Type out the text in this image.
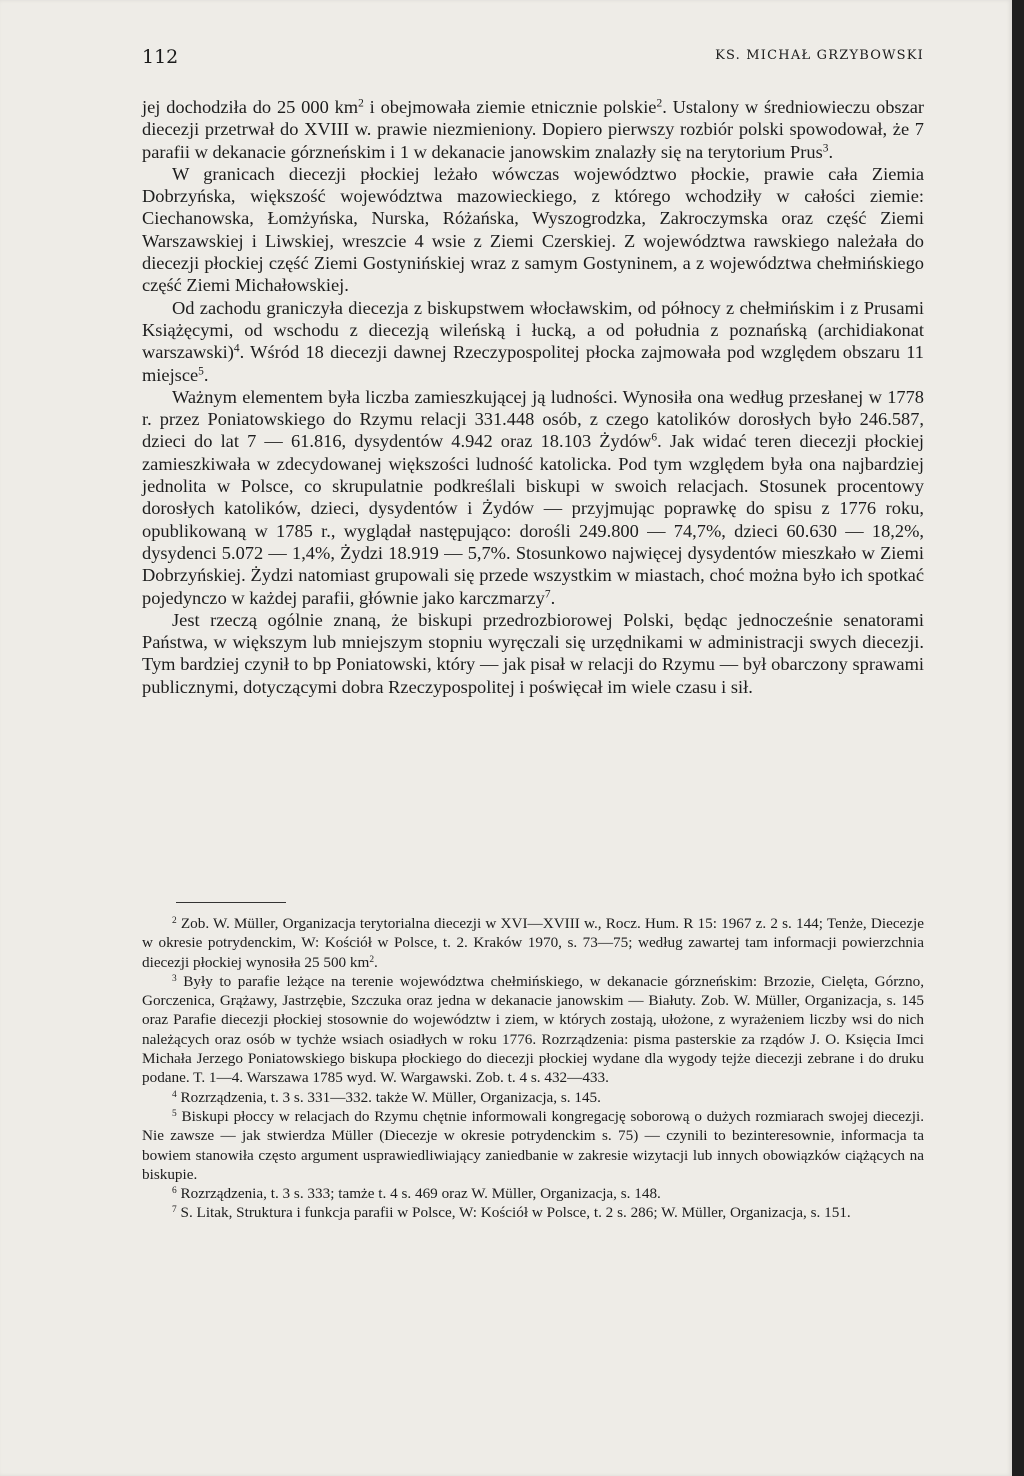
112	KS. MICHAŁ GRZYBOWSKI

jej dochodziła do 25 000 $km^2$ i obejmowała ziemie etnicznie polskie$^2$. Ustalony w średniowieczu obszar diecezji przetrwał do XVIII w. prawie niezmieniony. Dopiero pierwszy rozbiór polski spowodował, że 7 parafii w dekanacie górzneńskim i 1 w dekanacie janowskim znalazły się na terytorium Prus$^3$.

W granicach diecezji płockiej leżało wówczas województwo płockie, prawie cała Ziemia Dobrzyńska, większość województwa mazowieckiego, z którego wchodziły w całości ziemie: Ciechanowska, Łomżyńska, Nurska, Różańska, Wyszogrodzka, Zakroczymska oraz część Ziemi Warszawskiej i Liwskiej, wreszcie 4 wsie z Ziemi Czerskiej. Z województwa rawskiego należała do diecezji płockiej część Ziemi Gostynińskiej wraz z samym Gostyninem, a z województwa chełmińskiego część Ziemi Michałowskiej.

Od zachodu graniczyła diecezja z biskupstwem włocławskim, od północy z chełmińskim i z Prusami Książęcymi, od wschodu z diecezją wileńską i łucką, a od południa z poznańską (archidiakonat warszawski)$^4$. Wśród 18 diecezji dawnej Rzeczypospolitej płocka zajmowała pod względem obszaru 11 miejsce$^5$.

Ważnym elementem była liczba zamieszkującej ją ludności. Wynosiła ona według przesłanej w 1778 r. przez Poniatowskiego do Rzymu relacji 331.448 osób, z czego katolików dorosłych było 246.587, dzieci do lat 7 — 61.816, dysydentów 4.942 oraz 18.103 Żydów$^6$. Jak widać teren diecezji płockiej zamieszkiwała w zdecydowanej większości ludność katolicka. Pod tym względem była ona najbardziej jednolita w Polsce, co skrupulatnie podkreślali biskupi w swoich relacjach. Stosunek procentowy dorosłych katolików, dzieci, dysydentów i Żydów — przyjmując poprawkę do spisu z 1776 roku, opublikowaną w 1785 r., wyglądał następująco: dorośli 249.800 — 74,7%, dzieci 60.630 — 18,2%, dysydenci 5.072 — 1,4%, Żydzi 18.919 — 5,7%. Stosunkowo najwięcej dysydentów mieszkało w Ziemi Dobrzyńskiej. Żydzi natomiast grupowali się przede wszystkim w miastach, choć można było ich spotkać pojedynczo w każdej parafii, głównie jako karczmarzy$^7$.

Jest rzeczą ogólnie znaną, że biskupi przedrozbiorowej Polski, będąc jednocześnie senatorami Państwa, w większym lub mniejszym stopniu wyręczali się urzędnikami w administracji swych diecezji. Tym bardziej czynił to bp Poniatowski, który — jak pisał w relacji do Rzymu — był obarczony sprawami publicznymi, dotyczącymi dobra Rzeczypospolitej i poświęcał im wiele czasu i sił.

$^2$ Zob. W. Müller, Organizacja terytorialna diecezji w XVI—XVIII w., Rocz. Hum. R 15: 1967 z. 2 s. 144; Tenże, Diecezje w okresie potrydenckim, W: Kościół w Polsce, t. 2. Kraków 1970, s. 73—75; według zawartej tam informacji powierzchnia diecezji płockiej wynosiła 25 500 $km^2$.

$^3$ Były to parafie leżące na terenie województwa chełmińskiego, w dekanacie górzneńskim: Brzozie, Cielęta, Górzno, Gorczenica, Grążawy, Jastrzębie, Szczuka oraz jedna w dekanacie janowskim — Białuty. Zob. W. Müller, Organizacja, s. 145 oraz Parafie diecezji płockiej stosownie do województw i ziem, w których zostają, ułożone, z wyrażeniem liczby wsi do nich należących oraz osób w tychże wsiach osiadłych w roku 1776. Rozrządzenia: pisma pasterskie za rządów J. O. Księcia Imci Michała Jerzego Poniatowskiego biskupa płockiego do diecezji płockiej wydane dla wygody tejże diecezji zebrane i do druku podane. T. 1—4. Warszawa 1785 wyd. W. Wargawski. Zob. t. 4 s. 432—433.

$^4$ Rozrządzenia, t. 3 s. 331—332. także W. Müller, Organizacja, s. 145.

$^5$ Biskupi płoccy w relacjach do Rzymu chętnie informowali kongregację soborową o dużych rozmiarach swojej diecezji. Nie zawsze — jak stwierdza Müller (Diecezje w okresie potrydenckim s. 75) — czynili to bezinteresownie, informacja ta bowiem stanowiła często argument usprawiedliwiający zaniedbanie w zakresie wizytacji lub innych obowiązków ciążących na biskupie.

$^6$ Rozrządzenia, t. 3 s. 333; tamże t. 4 s. 469 oraz W. Müller, Organizacja, s. 148.

$^7$ S. Litak, Struktura i funkcja parafii w Polsce, W: Kościół w Polsce, t. 2 s. 286; W. Müller, Organizacja, s. 151.
